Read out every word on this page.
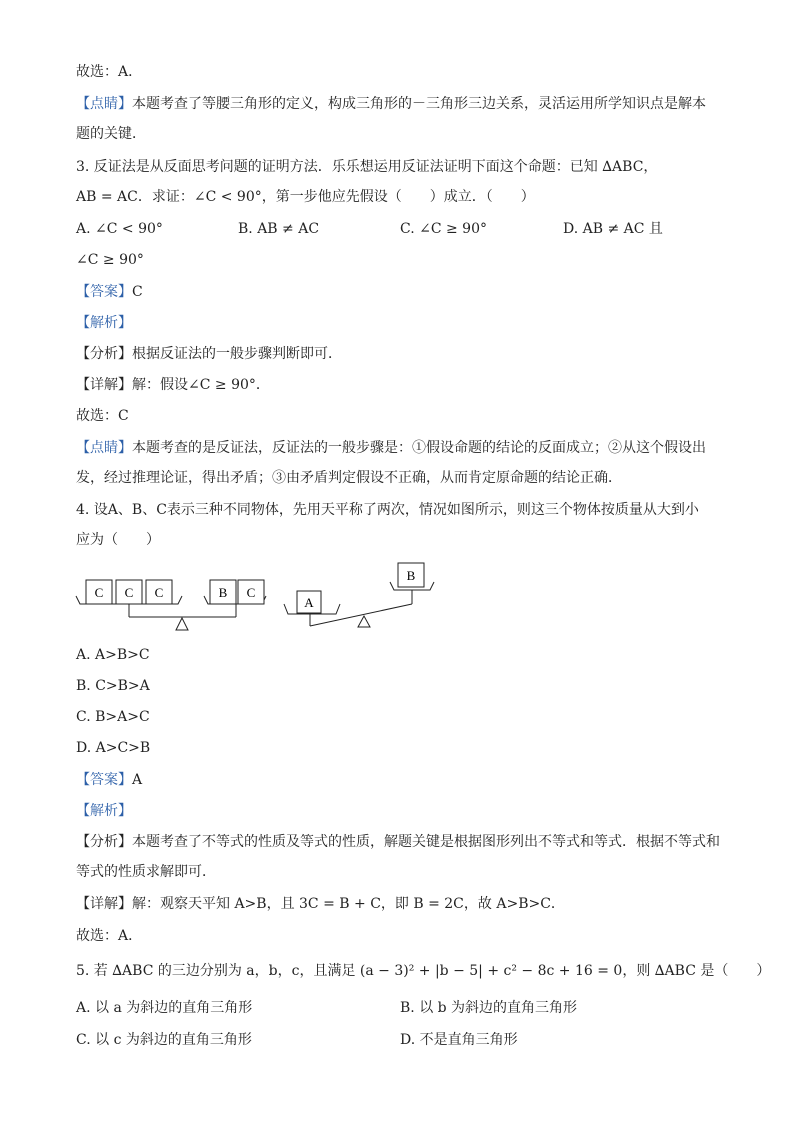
故选：A．
【点睛】本题考查了等腰三角形的定义，构成三角形的－三角形三边关系，灵活运用所学知识点是解本
题的关键．
3. 反证法是从反面思考问题的证明方法．乐乐想运用反证法证明下面这个命题：已知 ∆ABC，
AB = AC．求证：∠C < 90°，第一步他应先假设（　　）成立．（　　）
A. ∠C < 90°	B. AB ≠ AC	C. ∠C ≥ 90°	D. AB ≠ AC 且
∠C ≥ 90°
【答案】C
【解析】
【分析】根据反证法的一般步骤判断即可．
【详解】解：假设∠C ≥ 90°．
故选：C
【点睛】本题考查的是反证法，反证法的一般步骤是：①假设命题的结论的反面成立；②从这个假设出
发，经过推理论证，得出矛盾；③由矛盾判定假设不正确，从而肯定原命题的结论正确．
4. 设A、B、C表示三种不同物体，先用天平称了两次，情况如图所示，则这三个物体按质量从大到小
应为（　　）
C C C	B C
A
B
A. A>B>C
B. C>B>A
C. B>A>C
D. A>C>B
【答案】A
【解析】
【分析】本题考查了不等式的性质及等式的性质，解题关键是根据图形列出不等式和等式．根据不等式和
等式的性质求解即可．
【详解】解：观察天平知 A>B，且 3C = B + C，即 B = 2C，故 A>B>C．
故选：A．
5. 若 ∆ABC 的三边分别为 a，b，c，且满足 (a − 3)² + |b − 5| + c² − 8c + 16 = 0，则 ∆ABC 是（　　）
A. 以 a 为斜边的直角三角形	B. 以 b 为斜边的直角三角形
C. 以 c 为斜边的直角三角形	D. 不是直角三角形
